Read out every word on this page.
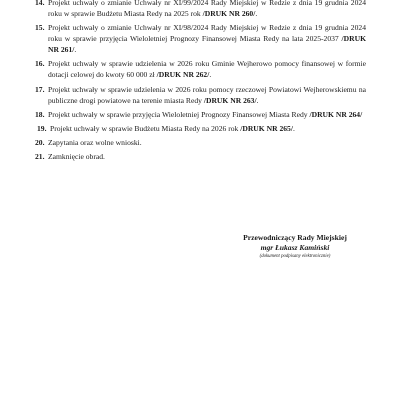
14. Projekt uchwały o zmianie Uchwały nr XI/99/2024 Rady Miejskiej w Redzie z dnia 19 grudnia 2024 roku w sprawie Budżetu Miasta Redy na 2025 rok /DRUK NR 260/.
15. Projekt uchwały o zmianie Uchwały nr XI/98/2024 Rady Miejskiej w Redzie z dnia 19 grudnia 2024 roku w sprawie przyjęcia Wieloletniej Prognozy Finansowej Miasta Redy na lata 2025-2037 /DRUK NR 261/.
16. Projekt uchwały w sprawie udzielenia w 2026 roku Gminie Wejherowo pomocy finansowej w formie dotacji celowej do kwoty 60 000 zł /DRUK NR 262/.
17. Projekt uchwały w sprawie udzielenia w 2026 roku pomocy rzeczowej Powiatowi Wejherowskiemu na publiczne drogi powiatowe na terenie miasta Redy /DRUK NR 263/.
18. Projekt uchwały w sprawie przyjęcia Wieloletniej Prognozy Finansowej Miasta Redy /DRUK NR 264/
19. Projekt uchwały w sprawie Budżetu Miasta Redy na 2026 rok /DRUK NR 265/.
20. Zapytania oraz wolne wnioski.
21. Zamknięcie obrad.
Przewodniczący Rady Miejskiej
mgr Łukasz Kamiński
(dokument podpisany elektronicznie)
